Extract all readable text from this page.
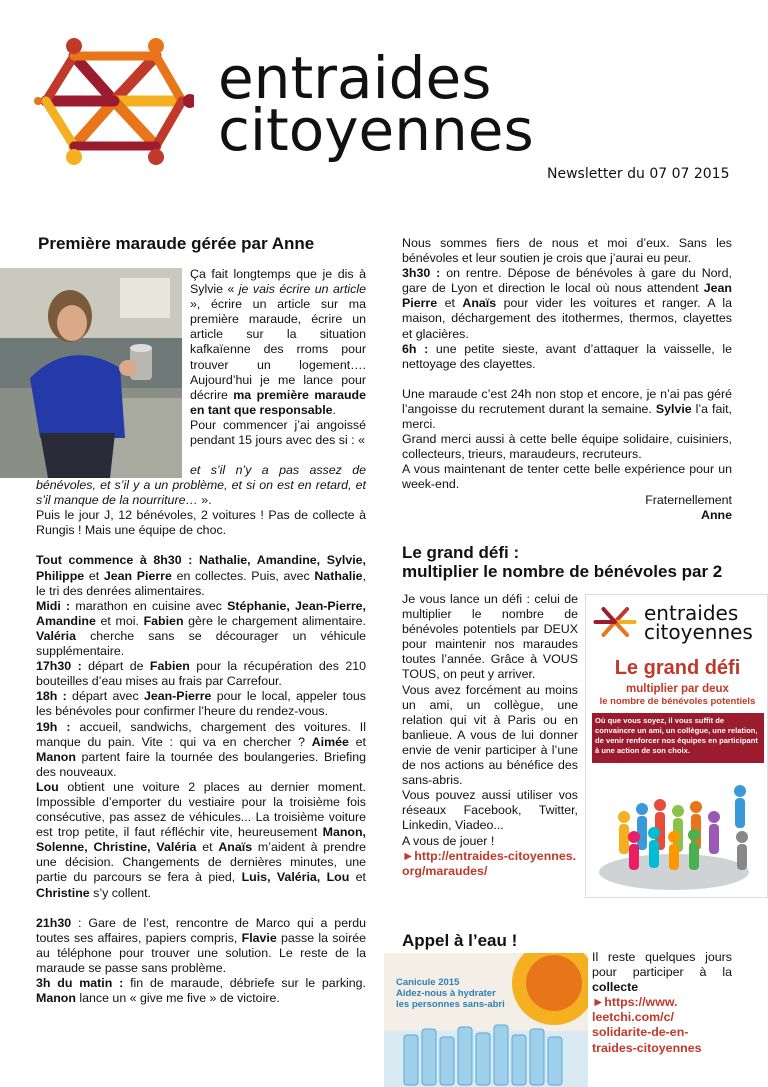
entraides
citoyennes
Newsletter du 07 07 2015
Première maraude gérée par Anne
Ça fait longtemps que je dis à Sylvie « je vais écrire un article », écrire un article sur ma première maraude, écrire un article sur la situation kafkaïenne des rroms pour trouver un logement…. Aujourd’hui je me lance pour décrire ma première maraude en tant que responsable.
Pour commencer j’ai angoissé pendant 15 jours avec des si : «
et s’il n’y a pas assez de bénévoles, et s’il y a un problème, et si on est en retard, et s’il manque de la nourriture… ».
Puis le jour J, 12 bénévoles, 2 voitures ! Pas de collecte à Rungis ! Mais une équipe de choc.
Tout commence à 8h30 : Nathalie, Amandine, Sylvie, Philippe et Jean Pierre en collectes. Puis, avec Nathalie, le tri des denrées alimentaires.
Midi : marathon en cuisine avec Stéphanie, Jean-Pierre, Amandine et moi. Fabien gère le chargement alimentaire. Valéria cherche sans se décourager un véhicule supplémentaire.
17h30 : départ de Fabien pour la récupération des 210 bouteilles d’eau mises au frais par Carrefour.
18h : départ avec Jean-Pierre pour le local, appeler tous les bénévoles pour confirmer l’heure du rendez-vous.
19h : accueil, sandwichs, chargement des voitures. Il manque du pain. Vite : qui va en chercher ? Aimée et Manon partent faire la tournée des boulangeries. Briefing des nouveaux.
Lou obtient une voiture 2 places au dernier moment. Impossible d’emporter du vestiaire pour la troisième fois consécutive, pas assez de véhicules... La troisième voiture est trop petite, il faut réfléchir vite, heureusement Manon, Solenne, Christine, Valéria et Anaïs m’aident à prendre une décision. Changements de dernières minutes, une partie du parcours se fera à pied, Luis, Valéria, Lou et Christine s’y collent.
21h30 : Gare de l’est, rencontre de Marco qui a perdu toutes ses affaires, papiers compris, Flavie passe la soirée au téléphone pour trouver une solution. Le reste de la maraude se passe sans problème.
3h du matin : fin de maraude, débriefe sur le parking. Manon lance un « give me five » de victoire.
Nous sommes fiers de nous et moi d’eux. Sans les bénévoles et leur soutien je crois que j’aurai eu peur.
3h30 : on rentre. Dépose de bénévoles à gare du Nord, gare de Lyon et direction le local où nous attendent Jean Pierre et Anaïs pour vider les voitures et ranger. A la maison, déchargement des itothermes, thermos, clayettes et glacières.
6h : une petite sieste, avant d’attaquer la vaisselle, le nettoyage des clayettes.
Une maraude c’est 24h non stop et encore, je n’ai pas géré l’angoisse du recrutement durant la semaine. Sylvie l’a fait, merci.
Grand merci aussi à cette belle équipe solidaire, cuisiniers, collecteurs, trieurs, maraudeurs, recruteurs.
A vous maintenant de tenter cette belle expérience pour un week-end.
Fraternellement
Anne
Le grand défi :
multiplier le nombre de bénévoles par 2
Je vous lance un défi : celui de multiplier le nombre de bénévoles potentiels par DEUX pour maintenir nos maraudes toutes l’année. Grâce à VOUS TOUS, on peut y arriver.
Vous avez forcément au moins un ami, un collègue, une relation qui vit à Paris ou en banlieue. A vous de lui donner envie de venir participer à l’une de nos actions au bénéfice des sans-abris.
Vous pouvez aussi utiliser vos réseaux Facebook, Twitter, Linkedin, Viadeo...
A vous de jouer !
►http://entraides-citoyennes.org/maraudes/
entraides
citoyennes
Le grand défi
multiplier par deux
le nombre de bénévoles potentiels
Où que vous soyez, il vous suffit de convaincre un ami, un collègue, une relation, de venir renforcer nos équipes en participant à une action de son choix.
Appel à l’eau !
Canicule 2015
Aidez-nous à hydrater
les personnes sans-abri
Il reste quelques jours pour participer à la collecte
►https://www.
leetchi.com/c/
solidarite-de-en-
traides-citoyennes
